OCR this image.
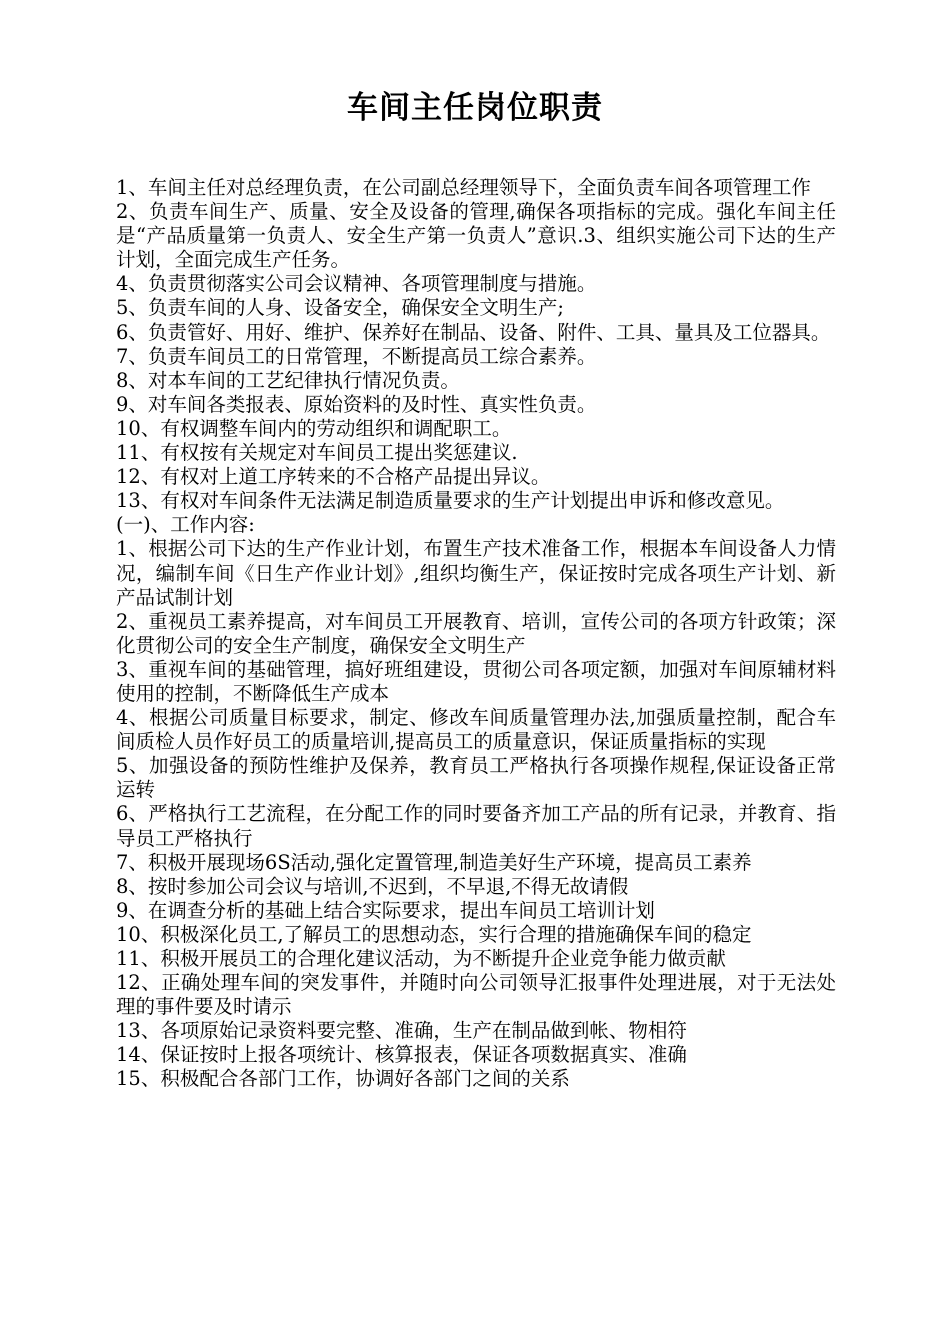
车间主任岗位职责

1、车间主任对总经理负责，在公司副总经理领导下，全面负责车间各项管理工作

2、负责车间生产、质量、安全及设备的管理,确保各项指标的完成。强化车间主任是“产品质量第一负责人、安全生产第一负责人”意识.3、组织实施公司下达的生产计划，全面完成生产任务。

4、负责贯彻落实公司会议精神、各项管理制度与措施。

5、负责车间的人身、设备安全，确保安全文明生产;

6、负责管好、用好、维护、保养好在制品、设备、附件、工具、量具及工位器具。

7、负责车间员工的日常管理，不断提高员工综合素养。

8、对本车间的工艺纪律执行情况负责。

9、对车间各类报表、原始资料的及时性、真实性负责。

10、有权调整车间内的劳动组织和调配职工。

11、有权按有关规定对车间员工提出奖惩建议.

12、有权对上道工序转来的不合格产品提出异议。

13、有权对车间条件无法满足制造质量要求的生产计划提出申诉和修改意见。

(一)、工作内容:

1、根据公司下达的生产作业计划，布置生产技术准备工作，根据本车间设备人力情况，编制车间《日生产作业计划》,组织均衡生产，保证按时完成各项生产计划、新产品试制计划

2、重视员工素养提高，对车间员工开展教育、培训，宣传公司的各项方针政策；深化贯彻公司的安全生产制度，确保安全文明生产

3、重视车间的基础管理，搞好班组建设，贯彻公司各项定额，加强对车间原辅材料使用的控制，不断降低生产成本

4、根据公司质量目标要求，制定、修改车间质量管理办法,加强质量控制，配合车间质检人员作好员工的质量培训,提高员工的质量意识，保证质量指标的实现

5、加强设备的预防性维护及保养，教育员工严格执行各项操作规程,保证设备正常运转

6、严格执行工艺流程，在分配工作的同时要备齐加工产品的所有记录，并教育、指导员工严格执行

7、积极开展现场6S活动,强化定置管理,制造美好生产环境，提高员工素养

8、按时参加公司会议与培训,不迟到，不早退,不得无故请假

9、在调查分析的基础上结合实际要求，提出车间员工培训计划

10、积极深化员工,了解员工的思想动态，实行合理的措施确保车间的稳定

11、积极开展员工的合理化建议活动，为不断提升企业竞争能力做贡献

12、正确处理车间的突发事件，并随时向公司领导汇报事件处理进展，对于无法处理的事件要及时请示

13、各项原始记录资料要完整、准确，生产在制品做到帐、物相符

14、保证按时上报各项统计、核算报表，保证各项数据真实、准确

15、积极配合各部门工作，协调好各部门之间的关系
